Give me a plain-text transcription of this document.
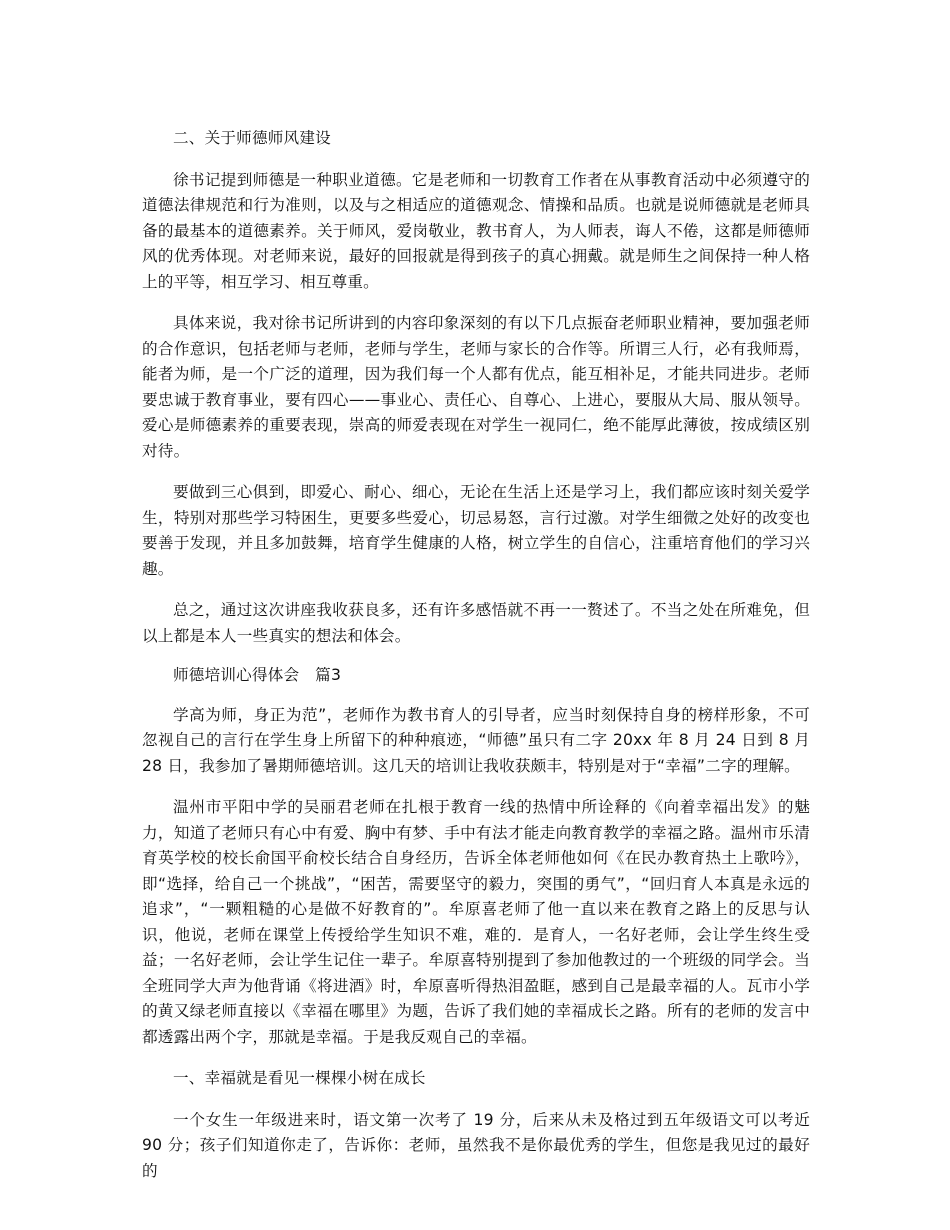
二、关于师德师风建设

徐书记提到师德是一种职业道德。它是老师和一切教育工作者在从事教育活动中必须遵守的道德法律规范和行为准则，以及与之相适应的道德观念、情操和品质。也就是说师德就是老师具备的最基本的道德素养。关于师风，爱岗敬业，教书育人，为人师表，诲人不倦，这都是师德师风的优秀体现。对老师来说，最好的回报就是得到孩子的真心拥戴。就是师生之间保持一种人格上的平等，相互学习、相互尊重。

具体来说，我对徐书记所讲到的内容印象深刻的有以下几点振奋老师职业精神，要加强老师的合作意识，包括老师与老师，老师与学生，老师与家长的合作等。所谓三人行，必有我师焉，能者为师，是一个广泛的道理，因为我们每一个人都有优点，能互相补足，才能共同进步。老师要忠诚于教育事业，要有四心——事业心、责任心、自尊心、上进心，要服从大局、服从领导。爱心是师德素养的重要表现，崇高的师爱表现在对学生一视同仁，绝不能厚此薄彼，按成绩区别对待。

要做到三心俱到，即爱心、耐心、细心，无论在生活上还是学习上，我们都应该时刻关爱学生，特别对那些学习特困生，更要多些爱心，切忌易怒，言行过激。对学生细微之处好的改变也要善于发现，并且多加鼓舞，培育学生健康的人格，树立学生的自信心，注重培育他们的学习兴趣。

总之，通过这次讲座我收获良多，还有许多感悟就不再一一赘述了。不当之处在所难免，但以上都是本人一些真实的想法和体会。

师德培训心得体会　篇3

学高为师，身正为范”，老师作为教书育人的引导者，应当时刻保持自身的榜样形象，不可忽视自己的言行在学生身上所留下的种种痕迹，“师德”虽只有二字 20xx 年 8 月 24 日到 8 月 28 日，我参加了暑期师德培训。这几天的培训让我收获颇丰，特别是对于“幸福”二字的理解。

温州市平阳中学的吴丽君老师在扎根于教育一线的热情中所诠释的《向着幸福出发》的魅力，知道了老师只有心中有爱、胸中有梦、手中有法才能走向教育教学的幸福之路。温州市乐清育英学校的校长俞国平俞校长结合自身经历，告诉全体老师他如何《在民办教育热土上歌吟》，即“选择，给自己一个挑战”，“困苦，需要坚守的毅力，突围的勇气”，“回归育人本真是永远的追求”，“一颗粗糙的心是做不好教育的”。牟原喜老师了他一直以来在教育之路上的反思与认识，他说，老师在课堂上传授给学生知识不难，难的．是育人，一名好老师，会让学生终生受益；一名好老师，会让学生记住一辈子。牟原喜特别提到了参加他教过的一个班级的同学会。当全班同学大声为他背诵《将进酒》时，牟原喜听得热泪盈眶，感到自己是最幸福的人。瓦市小学的黄又绿老师直接以《幸福在哪里》为题，告诉了我们她的幸福成长之路。所有的老师的发言中都透露出两个字，那就是幸福。于是我反观自己的幸福。

一、幸福就是看见一棵棵小树在成长

一个女生一年级进来时，语文第一次考了 19 分，后来从未及格过到五年级语文可以考近 90 分；孩子们知道你走了，告诉你：老师，虽然我不是你最优秀的学生，但您是我见过的最好的
